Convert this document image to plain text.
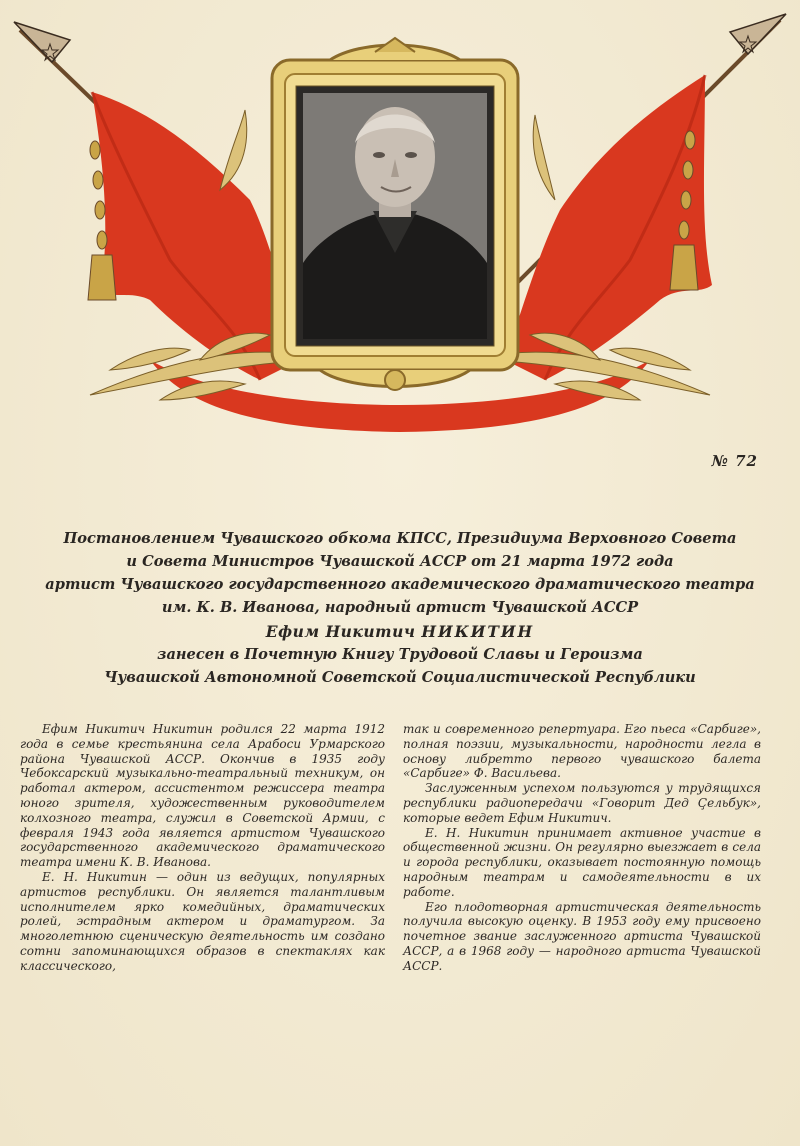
№ 72
Постановлением Чувашского обкома КПСС, Президиума Верховного Совета
и Совета Министров Чувашской АССР от 21 марта 1972 года
артист Чувашского государственного академического драматического театра
им. К. В. Иванова, народный артист Чувашской АССР
Ефим Никитич НИКИТИН
занесен в Почетную Книгу Трудовой Славы и Героизма
Чувашской Автономной Советской Социалистической Республики

Ефим Никитич Никитин родился 22 марта 1912 года в семье крестьянина села Арабоси Урмарского района Чувашской АССР. Окончив в 1935 году Чебоксарский музыкально-театральный техникум, он работал актером, ассистентом режиссера театра юного зрителя, художественным руководителем колхозного театра, служил в Советской Армии, с февраля 1943 года является артистом Чувашского государственного академического драматического театра имени К. В. Иванова.

Е. Н. Никитин — один из ведущих, популярных артистов республики. Он является талантливым исполнителем ярко комедийных, драматических ролей, эстрадным актером и драматургом. За многолетнюю сценическую деятельность им создано сотни запоминающихся образов в спектаклях как классического,

так и современного репертуара. Его пьеса «Сарбиге», полная поэзии, музыкальности, народности легла в основу либретто первого чувашского балета «Сарбиге» Ф. Васильева.

Заслуженным успехом пользуются у трудящихся республики радиопередачи «Говорит Дед Ҫельбук», которые ведет Ефим Никитич.

Е. Н. Никитин принимает активное участие в общественной жизни. Он регулярно выезжает в села и города республики, оказывает постоянную помощь народным театрам и самодеятельности в их работе.

Его плодотворная артистическая деятельность получила высокую оценку. В 1953 году ему присвоено почетное звание заслуженного артиста Чувашской АССР, а в 1968 году — народного артиста Чувашской АССР.
